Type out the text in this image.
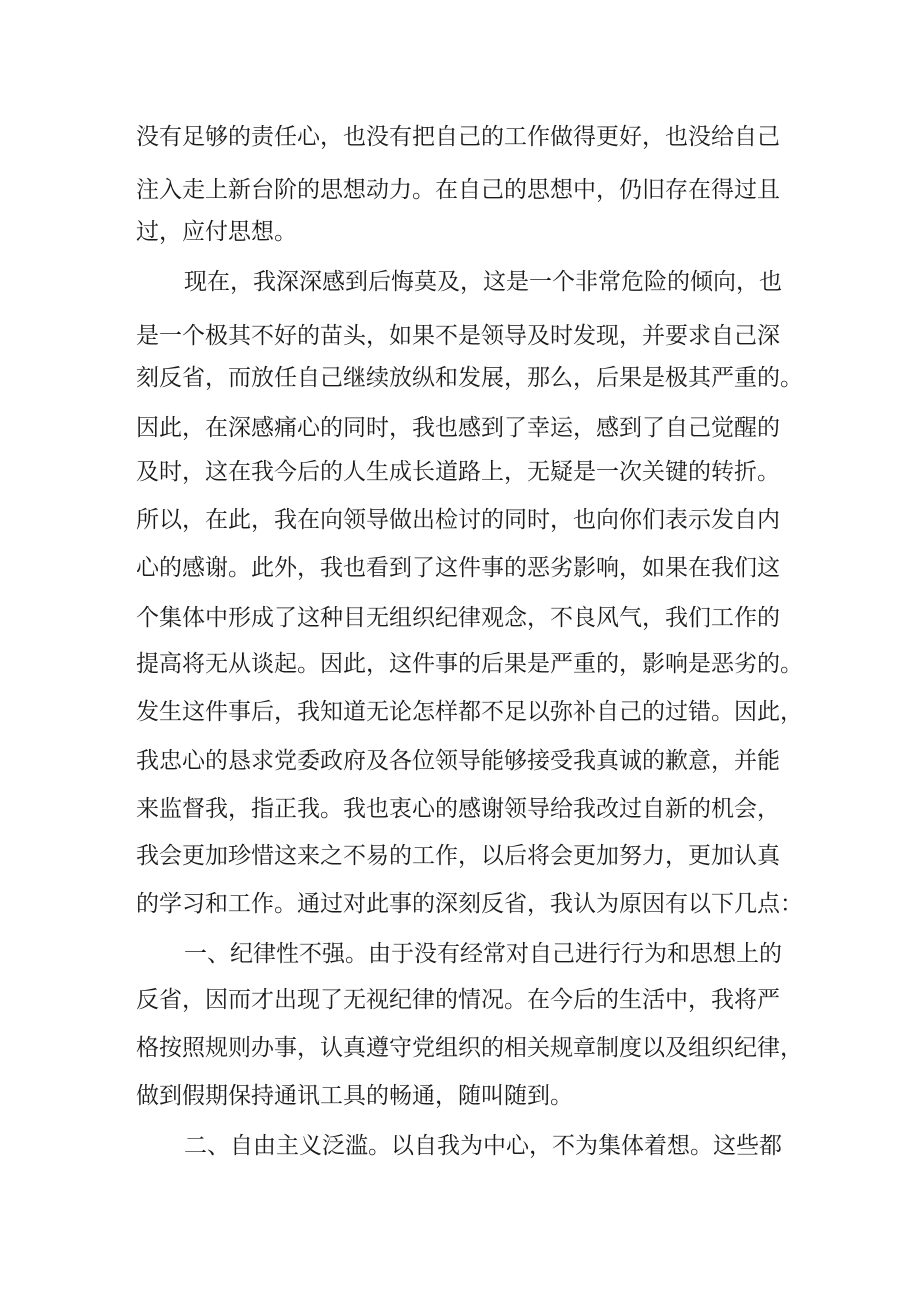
没有足够的责任心，也没有把自己的工作做得更好，也没给自己
注入走上新台阶的思想动力。在自己的思想中，仍旧存在得过且
过，应付思想。
现在，我深深感到后悔莫及，这是一个非常危险的倾向，也
是一个极其不好的苗头，如果不是领导及时发现，并要求自己深
刻反省，而放任自己继续放纵和发展，那么，后果是极其严重的。
因此，在深感痛心的同时，我也感到了幸运，感到了自己觉醒的
及时，这在我今后的人生成长道路上，无疑是一次关键的转折。
所以，在此，我在向领导做出检讨的同时，也向你们表示发自内
心的感谢。此外，我也看到了这件事的恶劣影响，如果在我们这
个集体中形成了这种目无组织纪律观念，不良风气，我们工作的
提高将无从谈起。因此，这件事的后果是严重的，影响是恶劣的。
发生这件事后，我知道无论怎样都不足以弥补自己的过错。因此，
我忠心的恳求党委政府及各位领导能够接受我真诚的歉意，并能
来监督我，指正我。我也衷心的感谢领导给我改过自新的机会，
我会更加珍惜这来之不易的工作，以后将会更加努力，更加认真
的学习和工作。通过对此事的深刻反省，我认为原因有以下几点：
一、纪律性不强。由于没有经常对自己进行行为和思想上的
反省，因而才出现了无视纪律的情况。在今后的生活中，我将严
格按照规则办事，认真遵守党组织的相关规章制度以及组织纪律，
做到假期保持通讯工具的畅通，随叫随到。
二、自由主义泛滥。以自我为中心，不为集体着想。这些都
